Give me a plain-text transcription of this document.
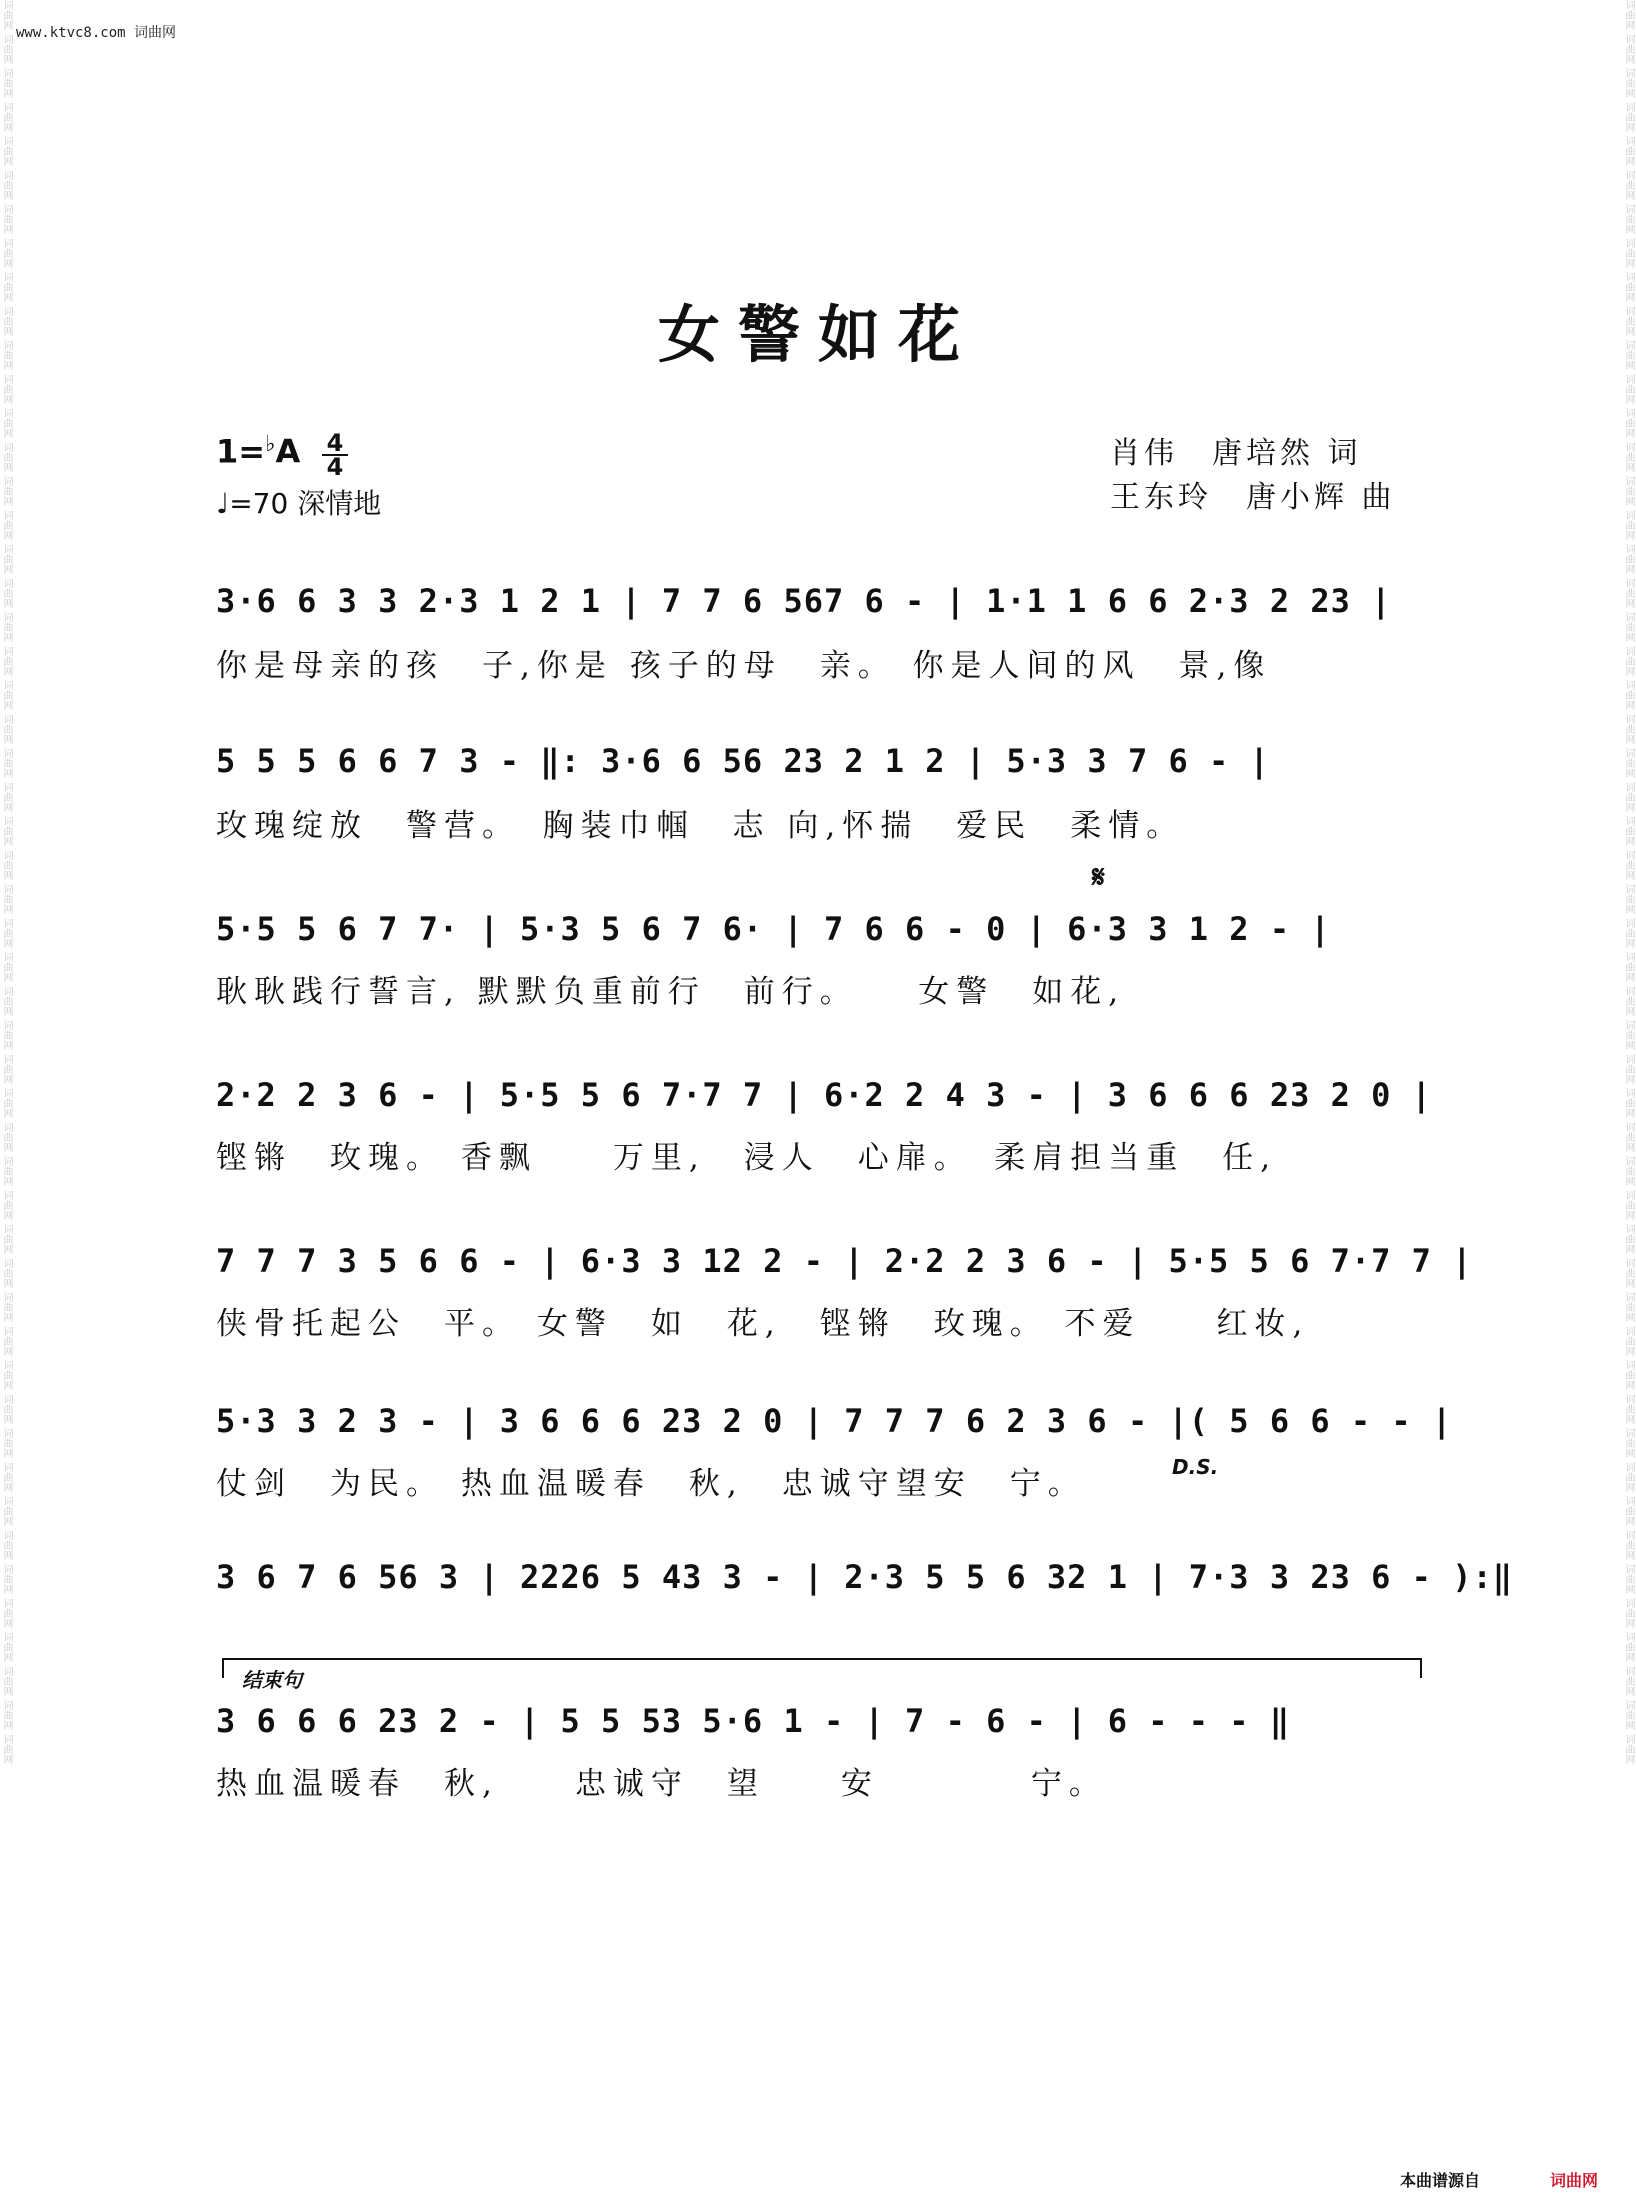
www.ktvc8.com 词曲网
词曲网
词曲网
词曲网
词曲网
词曲网
词曲网
词曲网
词曲网
词曲网
词曲网
词曲网
词曲网
词曲网
词曲网
词曲网
词曲网
词曲网
词曲网
词曲网
词曲网
词曲网
词曲网
词曲网
词曲网
词曲网
词曲网
词曲网
词曲网
词曲网
词曲网
词曲网
词曲网
词曲网
词曲网
词曲网
词曲网
词曲网
词曲网
词曲网
词曲网
词曲网
词曲网
词曲网
词曲网
词曲网
词曲网
词曲网
词曲网
词曲网
词曲网
词曲网
词曲网
词曲网
词曲网
词曲网
词曲网
词曲网
词曲网
词曲网
词曲网
词曲网
词曲网
词曲网
词曲网
词曲网
词曲网
词曲网
词曲网
词曲网
词曲网
词曲网
词曲网
词曲网
词曲网
词曲网
词曲网
词曲网
词曲网
词曲网
词曲网
词曲网
词曲网
词曲网
词曲网
词曲网
词曲网
词曲网
词曲网
词曲网
词曲网
词曲网
词曲网
词曲网
词曲网
词曲网
词曲网
词曲网
词曲网
词曲网
词曲网
词曲网
词曲网
词曲网
词曲网
女警如花
1=♭A 4
4
♩=70 深情地
肖伟　唐培然 词
王东玲　唐小辉 曲
3·6 6 3 3 2·3 1 2 1 | 7 7 6 567 6 - | 1·1 1 6 6 2·3 2 23 |
你是母亲的孩　子,你是 孩子的母　亲。 你是人间的风　景,像
5 5 5 6 6 7 3 - ‖: 3·6 6 56 23 2 1 2 | 5·3 3 7 6 - |
玫瑰绽放　警营。　胸装巾帼　志 向,怀揣　爱民　柔情。
𝄋
5·5 5 6 7 7· | 5·3 5 6 7 6· | 7 6 6 - 0 | 6·3 3 1 2 - |
耿耿践行誓言, 默默负重前行　前行。　　女警　如花,
2·2 2 3 6 - | 5·5 5 6 7·7 7 | 6·2 2 4 3 - | 3 6 6 6 23 2 0 |
铿锵　玫瑰。 香飘　　万里,　浸人　心扉。　柔肩担当重　任,
7 7 7 3 5 6 6 - | 6·3 3 12 2 - | 2·2 2 3 6 - | 5·5 5 6 7·7 7 |
侠骨托起公　平。 女警　如　花,　铿锵　玫瑰。 不爱　　红妆,
5·3 3 2 3 - | 3 6 6 6 23 2 0 | 7 7 7 6 2 3 6 - |( 5 6 6 - - |
仗剑　为民。 热血温暖春　秋,　忠诚守望安　宁。	D.S.
3 6 7 6 56 3 | 2226 5 43 3 - | 2·3 5 5 6 32 1 | 7·3 3 23 6 - ):‖
结束句
3 6 6 6 23 2 - | 5 5 53 5·6 1 - | 7 - 6 - | 6 - - - ‖
热血温暖春　秋,　　忠诚守　望　　安　　　　宁。
本曲谱源自	词曲网
